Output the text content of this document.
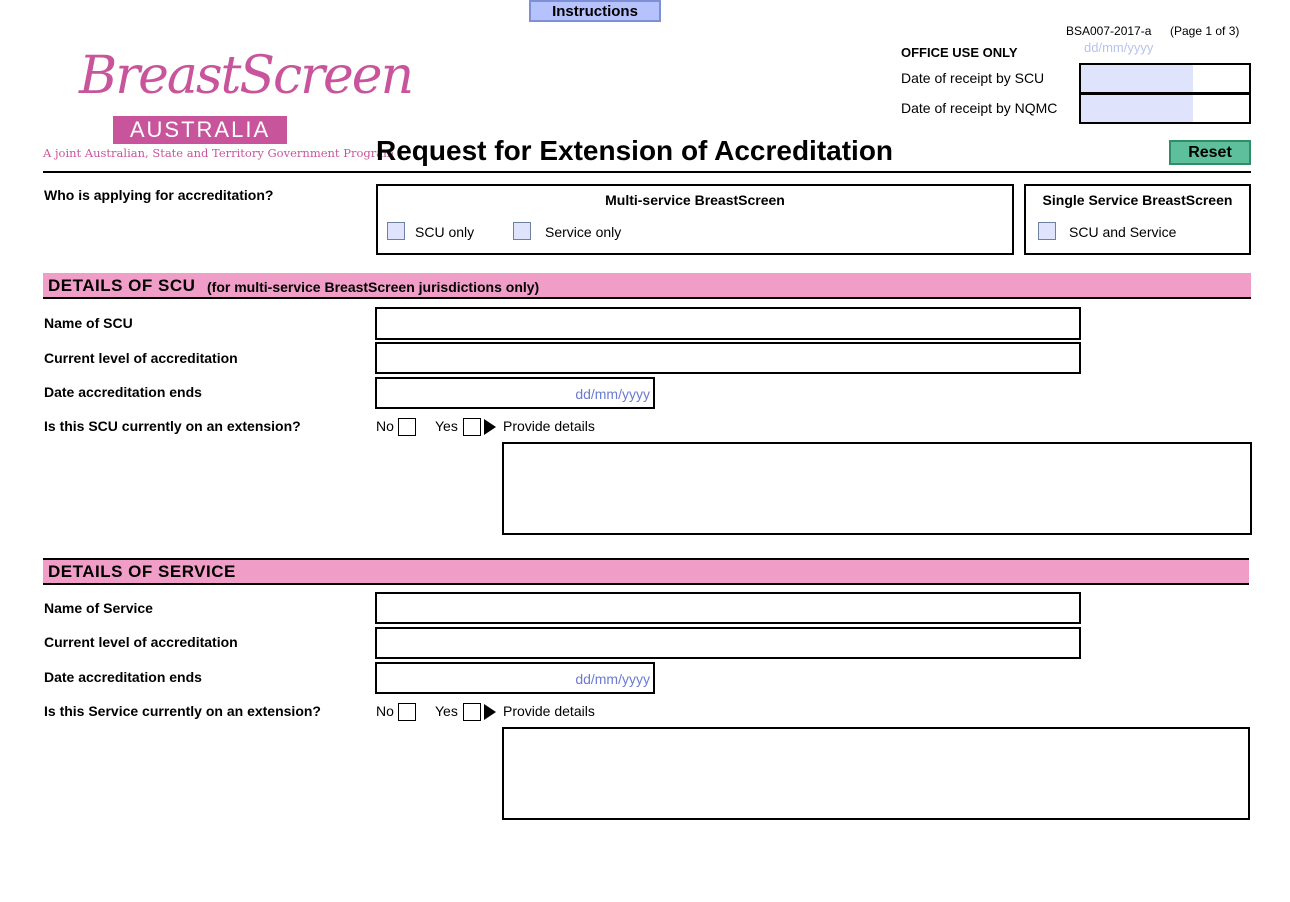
Instructions
BSA007-2017-a (Page 1 of 3)
BreastScreen
AUSTRALIA
A joint Australian, State and Territory Government Program
OFFICE USE ONLY	dd/mm/yyyy
Date of receipt by SCU
Date of receipt by NQMC
Request for Extension of Accreditation	Reset
Who is applying for accreditation?	Multi-service BreastScreen
SCU only	Service only
Single Service BreastScreen
SCU and Service
DETAILS OF SCU (for multi-service BreastScreen jurisdictions only)
Name of SCU
Current level of accreditation
Date accreditation ends	dd/mm/yyyy
Is this SCU currently on an extension?	No	Yes	Provide details
DETAILS OF SERVICE
Name of Service
Current level of accreditation
Date accreditation ends	dd/mm/yyyy
Is this Service currently on an extension?	No	Yes	Provide details
